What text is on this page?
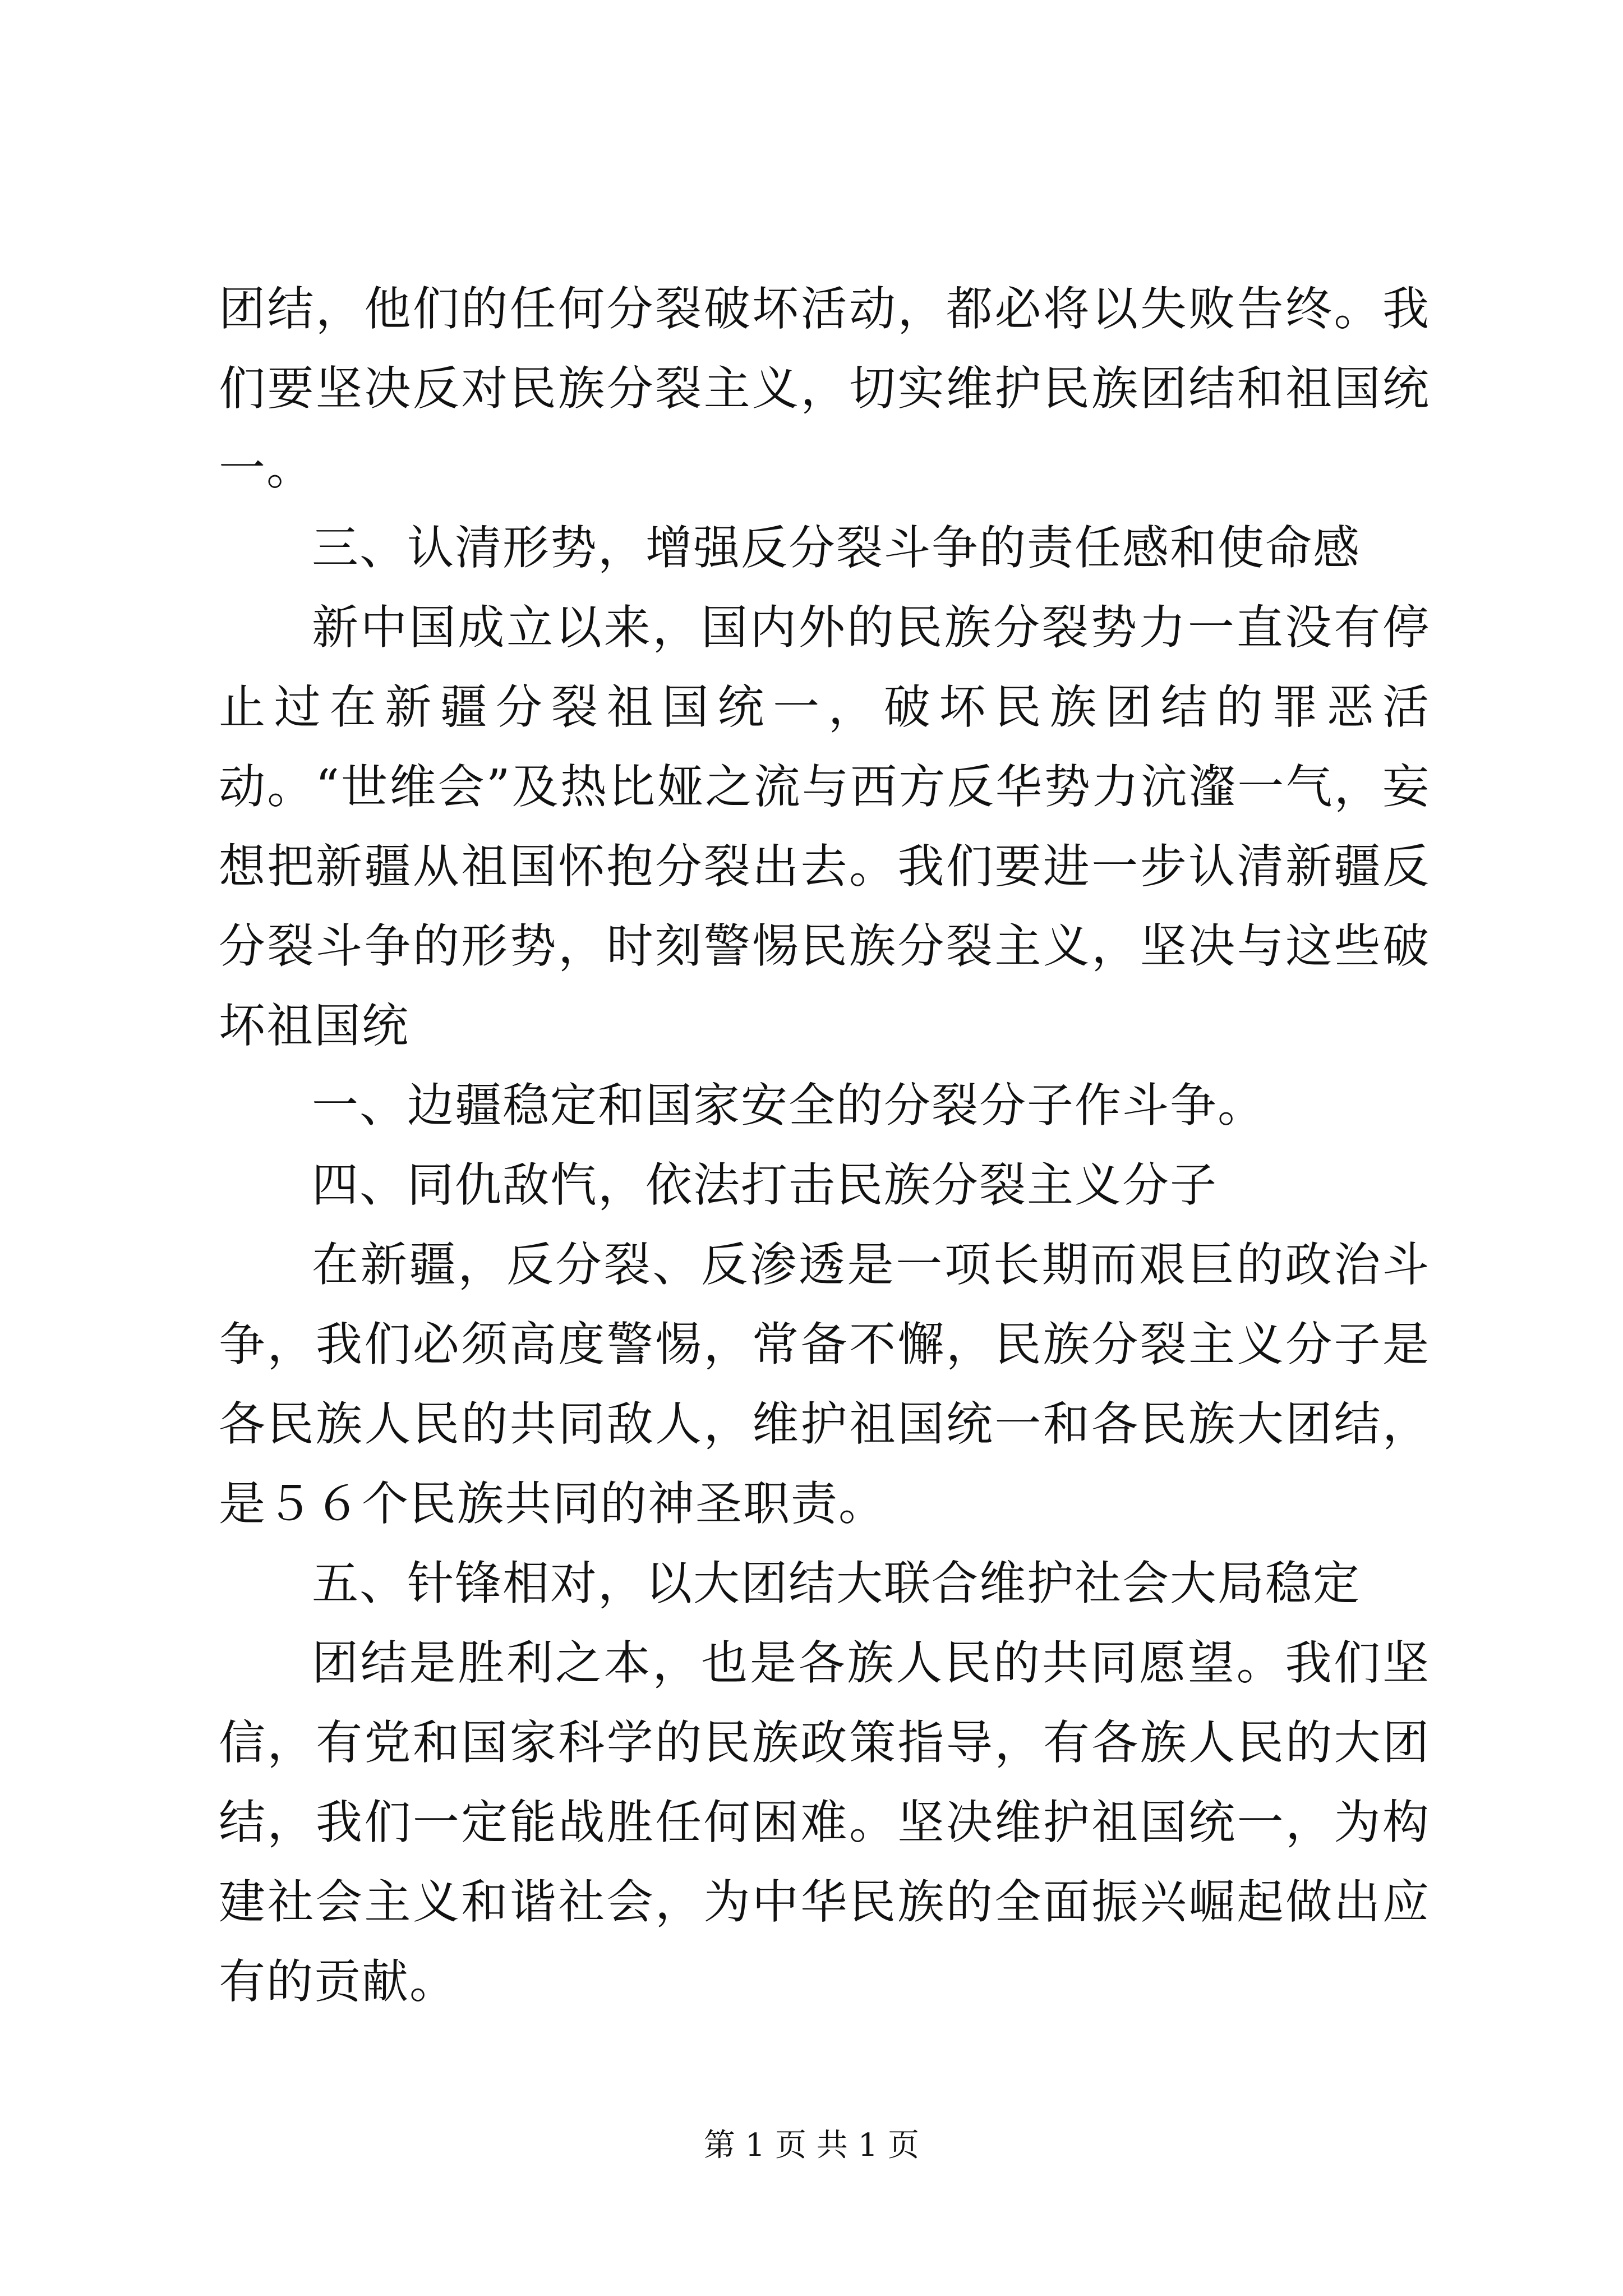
团结，他们的任何分裂破坏活动，都必将以失败告终。我们要坚决反对民族分裂主义，切实维护民族团结和祖国统一。

三、认清形势，增强反分裂斗争的责任感和使命感

新中国成立以来，国内外的民族分裂势力一直没有停止过在新疆分裂祖国统一，破坏民族团结的罪恶活动。“世维会”及热比娅之流与西方反华势力沆瀣一气，妄想把新疆从祖国怀抱分裂出去。我们要进一步认清新疆反分裂斗争的形势，时刻警惕民族分裂主义，坚决与这些破坏祖国统

一、边疆稳定和国家安全的分裂分子作斗争。

四、同仇敌忾，依法打击民族分裂主义分子

在新疆，反分裂、反渗透是一项长期而艰巨的政治斗争，我们必须高度警惕，常备不懈，民族分裂主义分子是各民族人民的共同敌人，维护祖国统一和各民族大团结，是５６个民族共同的神圣职责。

五、针锋相对，以大团结大联合维护社会大局稳定

团结是胜利之本，也是各族人民的共同愿望。我们坚信，有党和国家科学的民族政策指导，有各族人民的大团结，我们一定能战胜任何困难。坚决维护祖国统一，为构建社会主义和谐社会，为中华民族的全面振兴崛起做出应有的贡献。

第 1 页 共 1 页
